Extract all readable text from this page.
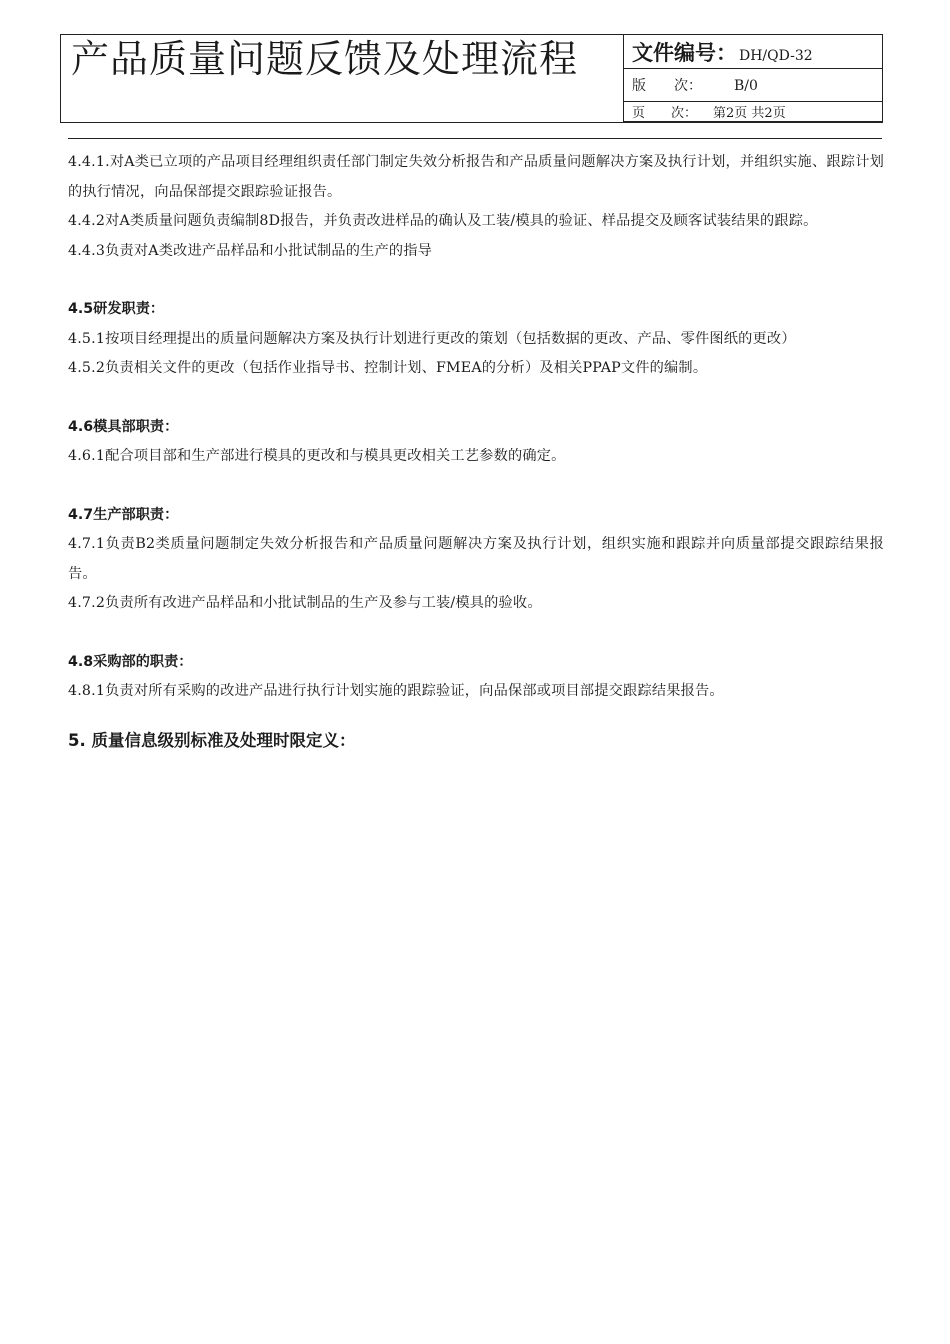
产品质量问题反馈及处理流程	文件编号： DH/QD-32
版　　次： B/0
页　　次： 第2页 共2页

4.4.1.对A类已立项的产品项目经理组织责任部门制定失效分析报告和产品质量问题解决方案及执行计划，并组织实施、跟踪计划的执行情况，向品保部提交跟踪验证报告。

4.4.2对A类质量问题负责编制8D报告，并负责改进样品的确认及工装/模具的验证、样品提交及顾客试装结果的跟踪。

4.4.3负责对A类改进产品样品和小批试制品的生产的指导

4.5研发职责：

4.5.1按项目经理提出的质量问题解决方案及执行计划进行更改的策划（包括数据的更改、产品、零件图纸的更改）

4.5.2负责相关文件的更改（包括作业指导书、控制计划、FMEA的分析）及相关PPAP文件的编制。

4.6模具部职责：

4.6.1配合项目部和生产部进行模具的更改和与模具更改相关工艺参数的确定。

4.7生产部职责：

4.7.1负责B2类质量问题制定失效分析报告和产品质量问题解决方案及执行计划，组织实施和跟踪并向质量部提交跟踪结果报告。

4.7.2负责所有改进产品样品和小批试制品的生产及参与工装/模具的验收。

4.8采购部的职责：

4.8.1负责对所有采购的改进产品进行执行计划实施的跟踪验证，向品保部或项目部提交跟踪结果报告。

5. 质量信息级别标准及处理时限定义：
